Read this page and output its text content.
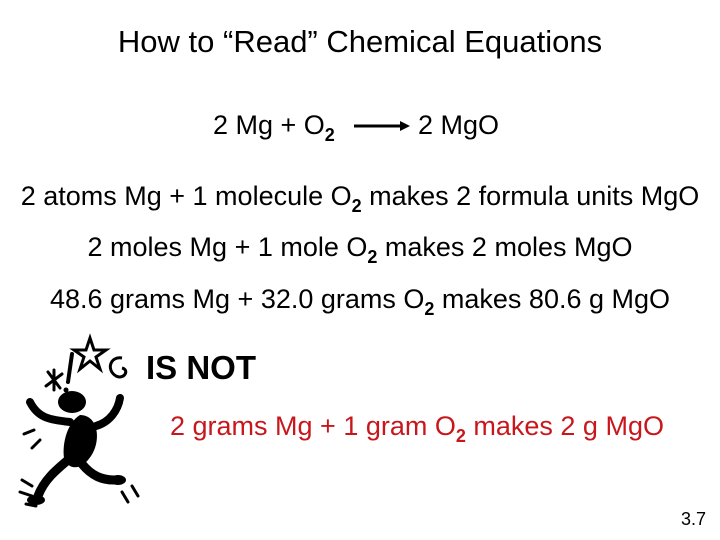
How to “Read” Chemical Equations
2 $Mg + O_2 \to 2$ MgO
2 atoms Mg + 1 molecule $O_2$ makes 2 formula units MgO
2 moles Mg + 1 mole $O_2$ makes 2 moles MgO
48.6 grams Mg + 32.0 grams $O_2$ makes 80.6 g MgO
IS NOT
2 grams Mg + 1 gram $O_2$ makes 2 g MgO
3.7
